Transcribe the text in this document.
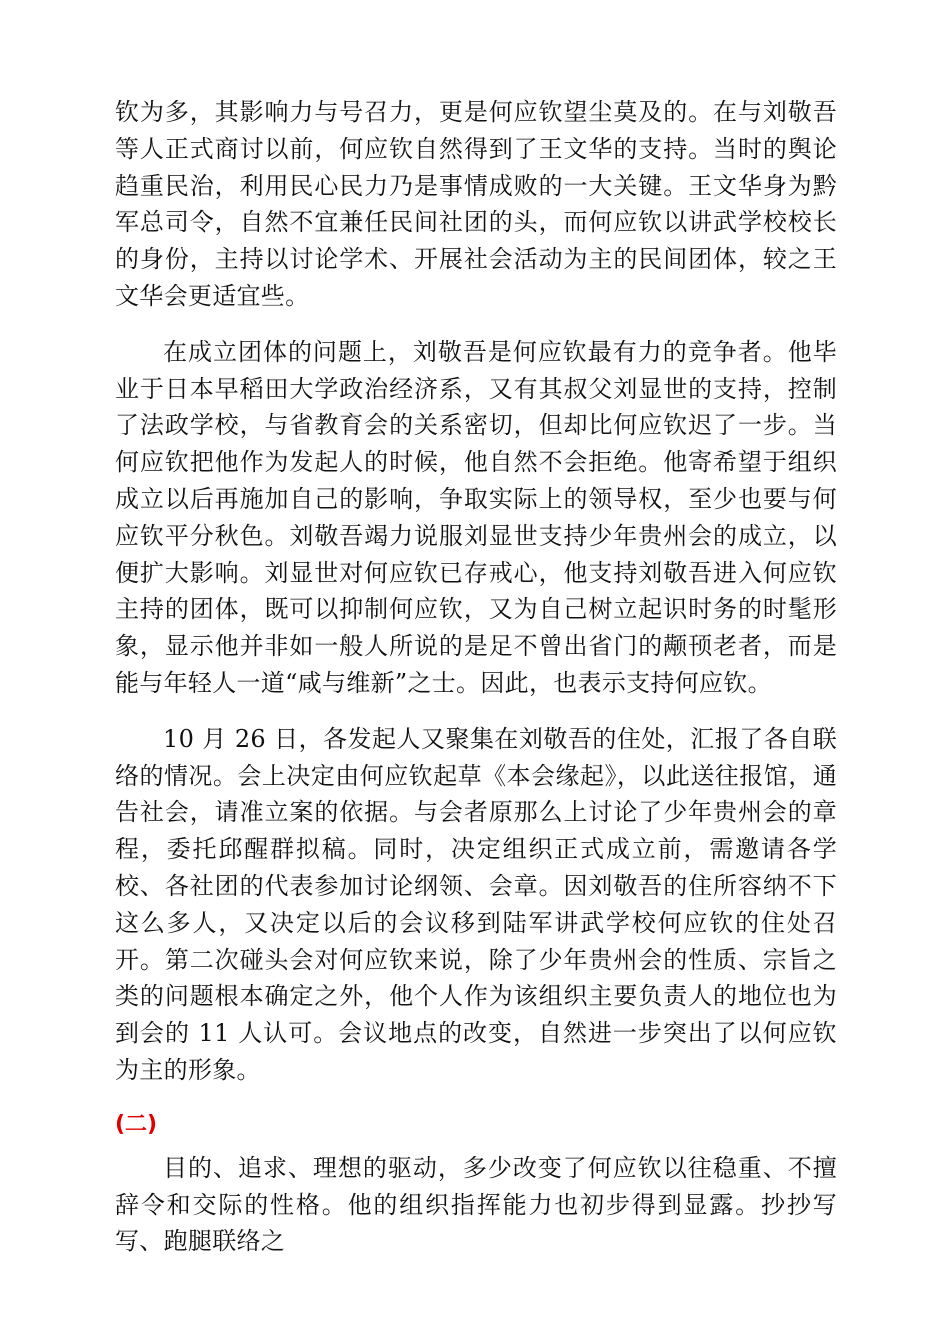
钦为多，其影响力与号召力，更是何应钦望尘莫及的。在与刘敬吾等人正式商讨以前，何应钦自然得到了王文华的支持。当时的舆论趋重民治，利用民心民力乃是事情成败的一大关键。王文华身为黔军总司令，自然不宜兼任民间社团的头，而何应钦以讲武学校校长的身份，主持以讨论学术、开展社会活动为主的民间团体，较之王文华会更适宜些。

在成立团体的问题上，刘敬吾是何应钦最有力的竞争者。他毕业于日本早稻田大学政治经济系，又有其叔父刘显世的支持，控制了法政学校，与省教育会的关系密切，但却比何应钦迟了一步。当何应钦把他作为发起人的时候，他自然不会拒绝。他寄希望于组织成立以后再施加自己的影响，争取实际上的领导权，至少也要与何应钦平分秋色。刘敬吾竭力说服刘显世支持少年贵州会的成立，以便扩大影响。刘显世对何应钦已存戒心，他支持刘敬吾进入何应钦主持的团体，既可以抑制何应钦，又为自己树立起识时务的时髦形象，显示他并非如一般人所说的是足不曾出省门的颟顸老者，而是能与年轻人一道“咸与维新”之士。因此，也表示支持何应钦。

10 月 26 日，各发起人又聚集在刘敬吾的住处，汇报了各自联络的情况。会上决定由何应钦起草《本会缘起》，以此送往报馆，通告社会，请准立案的依据。与会者原那么上讨论了少年贵州会的章程，委托邱醒群拟稿。同时，决定组织正式成立前，需邀请各学校、各社团的代表参加讨论纲领、会章。因刘敬吾的住所容纳不下这么多人，又决定以后的会议移到陆军讲武学校何应钦的住处召开。第二次碰头会对何应钦来说，除了少年贵州会的性质、宗旨之类的问题根本确定之外，他个人作为该组织主要负责人的地位也为到会的 11 人认可。会议地点的改变，自然进一步突出了以何应钦为主的形象。

(二)

目的、追求、理想的驱动，多少改变了何应钦以往稳重、不擅辞令和交际的性格。他的组织指挥能力也初步得到显露。抄抄写写、跑腿联络之
